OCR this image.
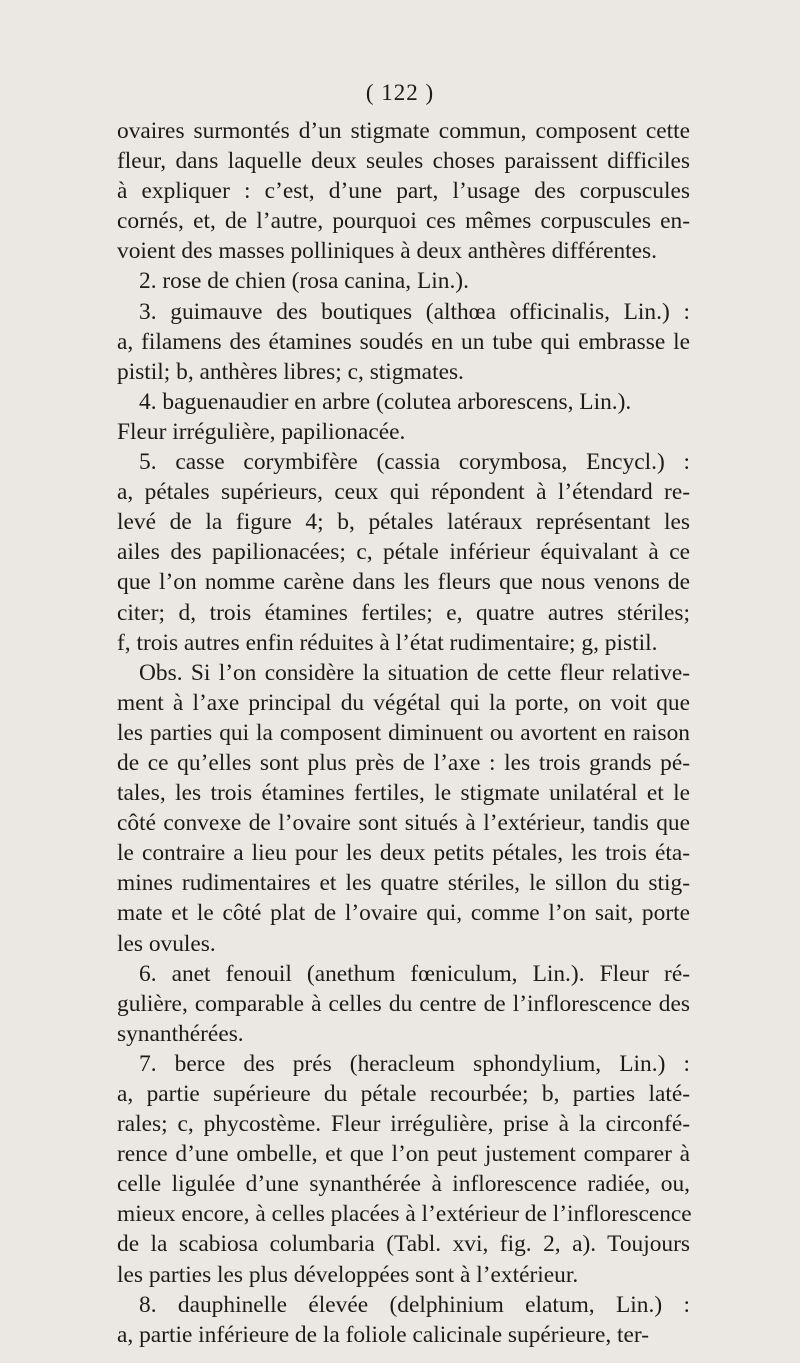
( 122 )
ovaires surmontés d’un stigmate commun, composent cette
fleur, dans laquelle deux seules choses paraissent difficiles
à expliquer : c’est, d’une part, l’usage des corpuscules
cornés, et, de l’autre, pourquoi ces mêmes corpuscules en-
voient des masses polliniques à deux anthères différentes.
2. rose de chien (rosa canina, Lin.).
3. guimauve des boutiques (althœa officinalis, Lin.) :
a, filamens des étamines soudés en un tube qui embrasse le
pistil; b, anthères libres; c, stigmates.
4. baguenaudier en arbre (colutea arborescens, Lin.).
Fleur irrégulière, papilionacée.
5. casse corymbifère (cassia corymbosa, Encycl.) :
a, pétales supérieurs, ceux qui répondent à l’étendard re-
levé de la figure 4; b, pétales latéraux représentant les
ailes des papilionacées; c, pétale inférieur équivalant à ce
que l’on nomme carène dans les fleurs que nous venons de
citer; d, trois étamines fertiles; e, quatre autres stériles;
f, trois autres enfin réduites à l’état rudimentaire; g, pistil.
Obs. Si l’on considère la situation de cette fleur relative-
ment à l’axe principal du végétal qui la porte, on voit que
les parties qui la composent diminuent ou avortent en raison
de ce qu’elles sont plus près de l’axe : les trois grands pé-
tales, les trois étamines fertiles, le stigmate unilatéral et le
côté convexe de l’ovaire sont situés à l’extérieur, tandis que
le contraire a lieu pour les deux petits pétales, les trois éta-
mines rudimentaires et les quatre stériles, le sillon du stig-
mate et le côté plat de l’ovaire qui, comme l’on sait, porte
les ovules.
6. anet fenouil (anethum fœniculum, Lin.). Fleur ré-
gulière, comparable à celles du centre de l’inflorescence des
synanthérées.
7. berce des prés (heracleum sphondylium, Lin.) :
a, partie supérieure du pétale recourbée; b, parties laté-
rales; c, phycostème. Fleur irrégulière, prise à la circonfé-
rence d’une ombelle, et que l’on peut justement comparer à
celle ligulée d’une synanthérée à inflorescence radiée, ou,
mieux encore, à celles placées à l’extérieur de l’inflorescence
de la scabiosa columbaria (Tabl. xvi, fig. 2, a). Toujours
les parties les plus développées sont à l’extérieur.
8. dauphinelle élevée (delphinium elatum, Lin.) :
a, partie inférieure de la foliole calicinale supérieure, ter-
